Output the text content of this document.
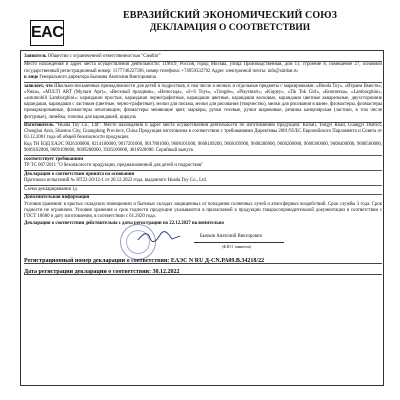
EAC
ЕВРАЗИЙСКИЙ ЭКОНОМИЧЕСКИЙ СОЮЗ
ДЕКЛАРАЦИЯ О СООТВЕТСТВИИ

Заявитель Общество с ограниченной ответственностью "Симбат"

Место нахождения и адрес места осуществления деятельности: 119619, Россия, город Москва, улица Производственная, дом 11, строение 8, помещение 27, основной государственный регистрационный номер: 1177746227596, номер телефона: +74959332702 Адрес электронной почты: info@simbat.ru

в лице Генерального директора Бычкова Анатолия Викторовича

заявляет, что Школьно-письменные принадлежности для детей и подростков, в том числе и мелких и отдельные предметы с маркировками: «Hunda Toy», «Играем Вместе», «Умка», «MULTI ART (Мульти Арт)», «Веселый праздник», «Непоседа», «S+S Toys», «Tongde», «Playsmart», «Kiqqey», «Tik Tok Girl», «Кнопочка», «Lamborghini», «automobili Lamborghini»: карандаши простые, карандаши чернографитные, карандаши цветные, карандаши восковые, карандаши цветные акварельные, двухсторонние карандаши, карандаши с ластиком (цветные, черно-графитные), мелки для письма, мелки для рисования (творчество), мелки для рисования в ванне, фломастеры, фломастеры промаркированные, фломастеры печатающие; фломастеры меняющие цвет, маркеры, ручки гелевые, ручки шариковые, резинка канцелярская (ластики, в том числе фигурные), линейка, точилка для карандашей, циркуль

Изготовитель "Huada Toy Co., Ltd". Место нахождения и адрес места осуществления деятельности по изготовлению продукции: Kimali, Tongyi Road, Guangyi District, Chenghai Area, Shantou City, Guangdong Province, China Продукция изготовлена в соответствии с требованиями Директивы 2001/95/ЕС Европейского Парламента и Совета от 03.12.2001 года об общей безопасности продукции.

Код ТН ВЭД ЕАЭС 9026100000, 8214100000, 9017201000, 9017801000, 9608101000, 9608109200, 9608109900, 9608200000, 9608200000, 9608300000, 9608400000, 9608500000, 9609102000, 9609109000, 9609200000, 3926100000, 4016920000. Серийный выпуск

соответствует требованиям

ТР ТС 007/2011 "О безопасности продукции, предназначенной для детей и подростков"

Декларация о соответствии принята на основании

Протокола испытаний № НТ22-20/12-1 от 20.12.2022 года, выданного Huada Toy Co., Ltd.

Схема декларирования 1д

Дополнительная информация

Условия хранения: в крытых складских помещениях и бытовых складах защищенных от попадания солнечных лучей и атмосферных воздействий. Срок службы 3 года. Срок годности не ограничен. Условия хранения и срок годности продукции указываются в прилагаемой к продукции товаросопроводительной документации в соответствии с ГОСТ 18680 и дату изготовления, в соответствии с 01.2020 года.

Декларация о соответствии действительна с даты регистрации по 22.12.2027 включительно

Бычков Анатолий Викторович
(Ф.И.О. заявителя)
Регистрационный номер декларации о соответствии: ЕАЭС N RU Д-CN.РА09.В.34218/22
Дата регистрации декларации о соответствии: 30.12.2022
